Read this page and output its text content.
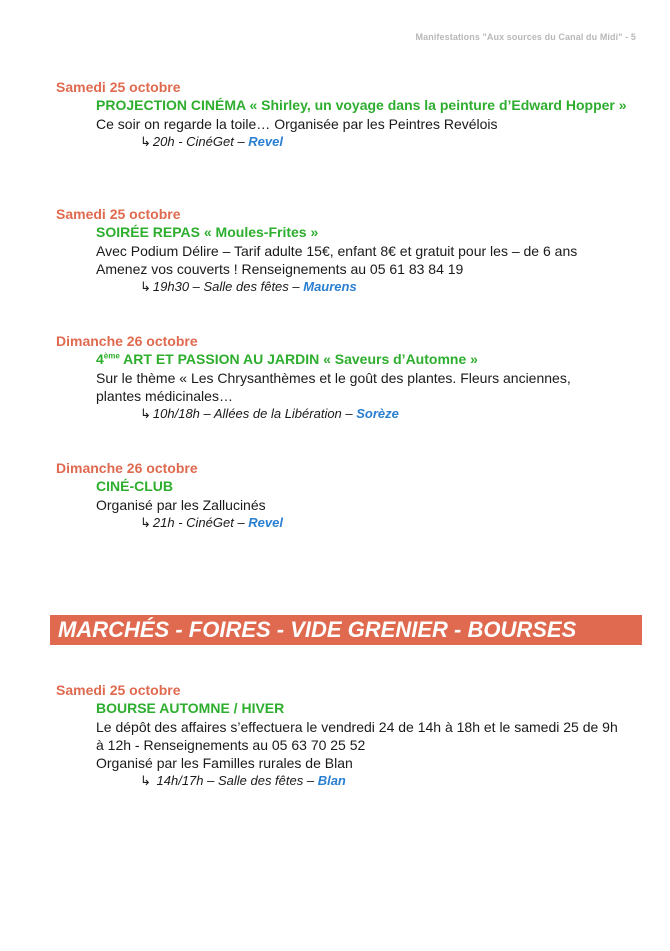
Manifestations "Aux sources du Canal du Midi" - 5
Samedi 25 octobre
PROJECTION CINÉMA « Shirley, un voyage dans la peinture d’Edward Hopper »
Ce soir on regarde la toile… Organisée par les Peintres Revélois
↳ 20h - CinéGet – Revel
Samedi 25 octobre
SOIRÉE REPAS « Moules-Frites »
Avec Podium Délire – Tarif adulte 15€, enfant 8€ et gratuit pour les – de 6 ans
Amenez vos couverts ! Renseignements au 05 61 83 84 19
↳ 19h30 – Salle des fêtes – Maurens
Dimanche 26 octobre
4ème ART ET PASSION AU JARDIN « Saveurs d’Automne »
Sur le thème « Les Chrysanthèmes et le goût des plantes. Fleurs anciennes,
plantes médicinales…
↳ 10h/18h – Allées de la Libération – Sorèze
Dimanche 26 octobre
CINÉ-CLUB
Organisé par les Zallucinés
↳ 21h - CinéGet – Revel
MARCHÉS - FOIRES - VIDE GRENIER - BOURSES
Samedi 25 octobre
BOURSE AUTOMNE / HIVER
Le dépôt des affaires s’effectuera le vendredi 24 de 14h à 18h et le samedi 25 de 9h
à 12h - Renseignements au 05 63 70 25 52
Organisé par les Familles rurales de Blan
↳ 14h/17h – Salle des fêtes – Blan
